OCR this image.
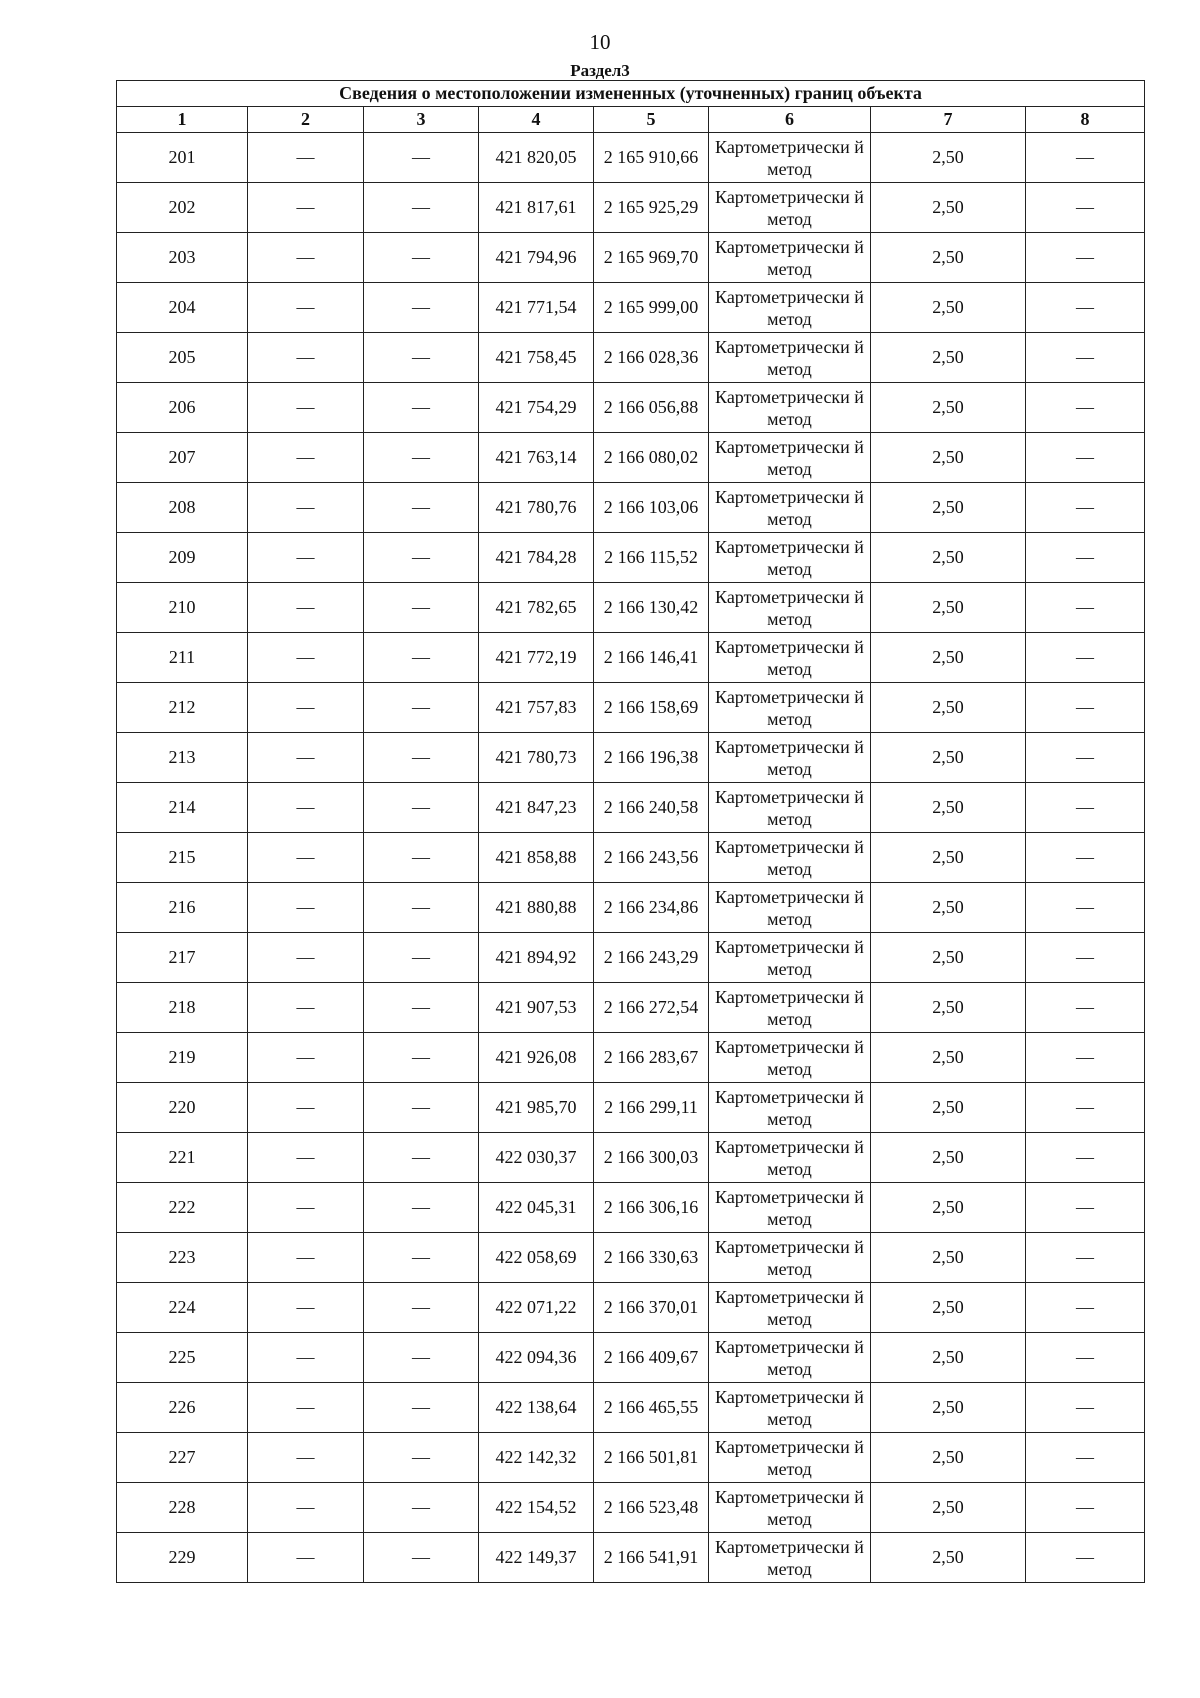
10
Раздел3
Сведения о местоположении измененных (уточненных) границ объекта							
1	2	3	4	5	6	7	8
201	—	—	421 820,05	2 165 910,66	Картометрически й метод	2,50	—
202	—	—	421 817,61	2 165 925,29	Картометрически й метод	2,50	—
203	—	—	421 794,96	2 165 969,70	Картометрически й метод	2,50	—
204	—	—	421 771,54	2 165 999,00	Картометрически й метод	2,50	—
205	—	—	421 758,45	2 166 028,36	Картометрически й метод	2,50	—
206	—	—	421 754,29	2 166 056,88	Картометрически й метод	2,50	—
207	—	—	421 763,14	2 166 080,02	Картометрически й метод	2,50	—
208	—	—	421 780,76	2 166 103,06	Картометрически й метод	2,50	—
209	—	—	421 784,28	2 166 115,52	Картометрически й метод	2,50	—
210	—	—	421 782,65	2 166 130,42	Картометрически й метод	2,50	—
211	—	—	421 772,19	2 166 146,41	Картометрически й метод	2,50	—
212	—	—	421 757,83	2 166 158,69	Картометрически й метод	2,50	—
213	—	—	421 780,73	2 166 196,38	Картометрически й метод	2,50	—
214	—	—	421 847,23	2 166 240,58	Картометрически й метод	2,50	—
215	—	—	421 858,88	2 166 243,56	Картометрически й метод	2,50	—
216	—	—	421 880,88	2 166 234,86	Картометрически й метод	2,50	—
217	—	—	421 894,92	2 166 243,29	Картометрически й метод	2,50	—
218	—	—	421 907,53	2 166 272,54	Картометрически й метод	2,50	—
219	—	—	421 926,08	2 166 283,67	Картометрически й метод	2,50	—
220	—	—	421 985,70	2 166 299,11	Картометрически й метод	2,50	—
221	—	—	422 030,37	2 166 300,03	Картометрически й метод	2,50	—
222	—	—	422 045,31	2 166 306,16	Картометрически й метод	2,50	—
223	—	—	422 058,69	2 166 330,63	Картометрически й метод	2,50	—
224	—	—	422 071,22	2 166 370,01	Картометрически й метод	2,50	—
225	—	—	422 094,36	2 166 409,67	Картометрически й метод	2,50	—
226	—	—	422 138,64	2 166 465,55	Картометрически й метод	2,50	—
227	—	—	422 142,32	2 166 501,81	Картометрически й метод	2,50	—
228	—	—	422 154,52	2 166 523,48	Картометрически й метод	2,50	—
229	—	—	422 149,37	2 166 541,91	Картометрически й метод	2,50	—
